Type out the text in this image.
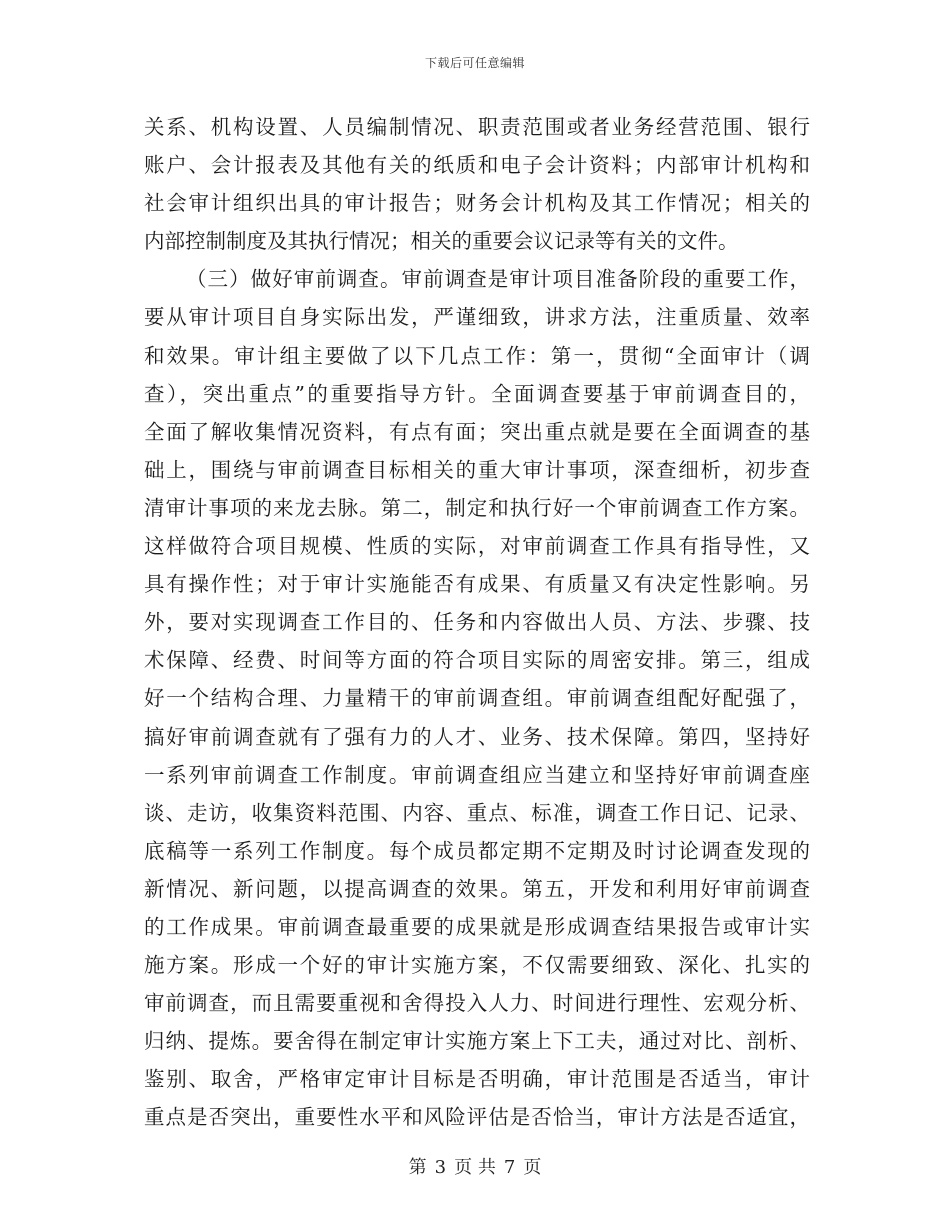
下载后可任意编辑
关系、机构设置、人员编制情况、职责范围或者业务经营范围、银行
账户、会计报表及其他有关的纸质和电子会计资料；内部审计机构和
社会审计组织出具的审计报告；财务会计机构及其工作情况；相关的
内部控制制度及其执行情况；相关的重要会议记录等有关的文件。
（三）做好审前调查。审前调查是审计项目准备阶段的重要工作，
要从审计项目自身实际出发，严谨细致，讲求方法，注重质量、效率
和效果。审计组主要做了以下几点工作：第一，贯彻“全面审计（调
查），突出重点”的重要指导方针。全面调查要基于审前调查目的，
全面了解收集情况资料，有点有面；突出重点就是要在全面调查的基
础上，围绕与审前调查目标相关的重大审计事项，深查细析，初步查
清审计事项的来龙去脉。第二，制定和执行好一个审前调查工作方案。
这样做符合项目规模、性质的实际，对审前调查工作具有指导性，又
具有操作性；对于审计实施能否有成果、有质量又有决定性影响。另
外，要对实现调查工作目的、任务和内容做出人员、方法、步骤、技
术保障、经费、时间等方面的符合项目实际的周密安排。第三，组成
好一个结构合理、力量精干的审前调查组。审前调查组配好配强了，
搞好审前调查就有了强有力的人才、业务、技术保障。第四，坚持好
一系列审前调查工作制度。审前调查组应当建立和坚持好审前调查座
谈、走访，收集资料范围、内容、重点、标准，调查工作日记、记录、
底稿等一系列工作制度。每个成员都定期不定期及时讨论调查发现的
新情况、新问题，以提高调查的效果。第五，开发和利用好审前调查
的工作成果。审前调查最重要的成果就是形成调查结果报告或审计实
施方案。形成一个好的审计实施方案，不仅需要细致、深化、扎实的
审前调查，而且需要重视和舍得投入人力、时间进行理性、宏观分析、
归纳、提炼。要舍得在制定审计实施方案上下工夫，通过对比、剖析、
鉴别、取舍，严格审定审计目标是否明确，审计范围是否适当，审计
重点是否突出，重要性水平和风险评估是否恰当，审计方法是否适宜，
第 3 页 共 7 页
